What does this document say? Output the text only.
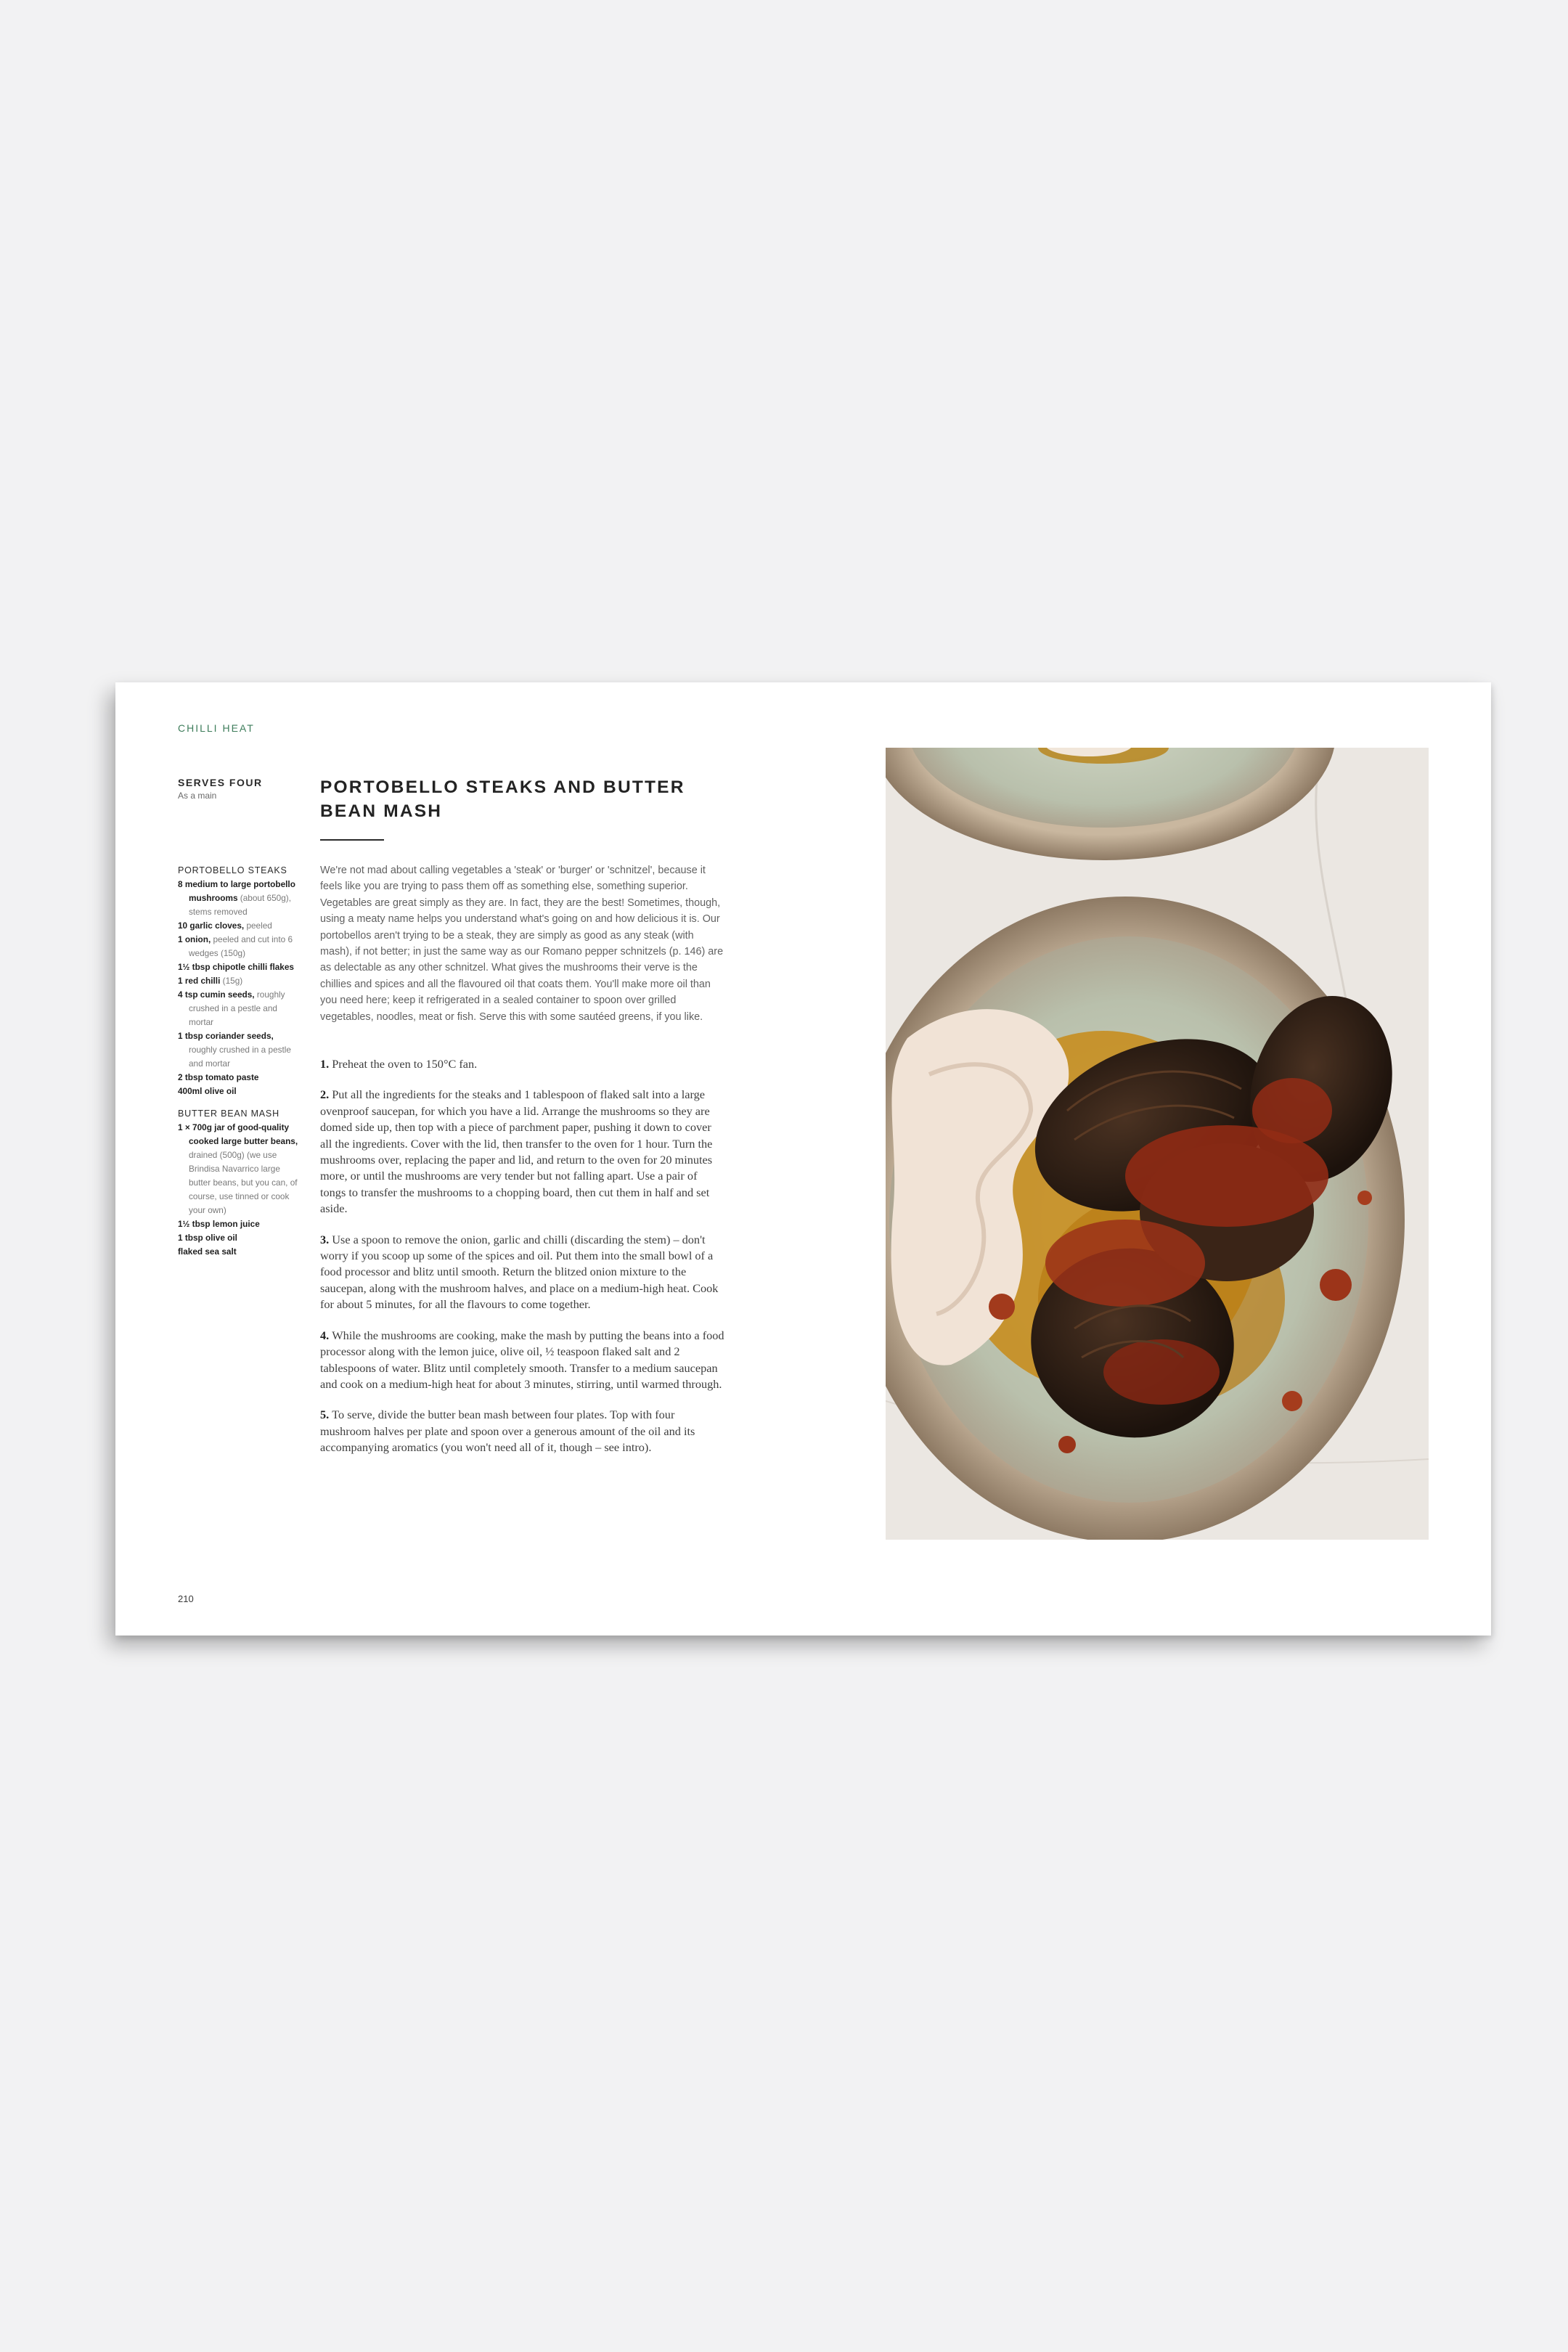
CHILLI HEAT
SERVES FOUR
As a main
PORTOBELLO STEAKS
8 medium to large portobello mushrooms (about 650g), stems removed
10 garlic cloves, peeled
1 onion, peeled and cut into 6 wedges (150g)
1½ tbsp chipotle chilli flakes
1 red chilli (15g)
4 tsp cumin seeds, roughly crushed in a pestle and mortar
1 tbsp coriander seeds, roughly crushed in a pestle and mortar
2 tbsp tomato paste
400ml olive oil
BUTTER BEAN MASH
1 × 700g jar of good-quality cooked large butter beans, drained (500g) (we use Brindisa Navarrico large butter beans, but you can, of course, use tinned or cook your own)
1½ tbsp lemon juice
1 tbsp olive oil
flaked sea salt
PORTOBELLO STEAKS AND BUTTER BEAN MASH

We're not mad about calling vegetables a 'steak' or 'burger' or 'schnitzel', because it feels like you are trying to pass them off as something else, something superior. Vegetables are great simply as they are. In fact, they are the best! Sometimes, though, using a meaty name helps you understand what's going on and how delicious it is. Our portobellos aren't trying to be a steak, they are simply as good as any steak (with mash), if not better; in just the same way as our Romano pepper schnitzels (p. 146) are as delectable as any other schnitzel. What gives the mushrooms their verve is the chillies and spices and all the flavoured oil that coats them. You'll make more oil than you need here; keep it refrigerated in a sealed container to spoon over grilled vegetables, noodles, meat or fish. Serve this with some sautéed greens, if you like.

1. Preheat the oven to 150°C fan.

2. Put all the ingredients for the steaks and 1 tablespoon of flaked salt into a large ovenproof saucepan, for which you have a lid. Arrange the mushrooms so they are domed side up, then top with a piece of parchment paper, pushing it down to cover all the ingredients. Cover with the lid, then transfer to the oven for 1 hour. Turn the mushrooms over, replacing the paper and lid, and return to the oven for 20 minutes more, or until the mushrooms are very tender but not falling apart. Use a pair of tongs to transfer the mushrooms to a chopping board, then cut them in half and set aside.

3. Use a spoon to remove the onion, garlic and chilli (discarding the stem) – don't worry if you scoop up some of the spices and oil. Put them into the small bowl of a food processor and blitz until smooth. Return the blitzed onion mixture to the saucepan, along with the mushroom halves, and place on a medium-high heat. Cook for about 5 minutes, for all the flavours to come together.

4. While the mushrooms are cooking, make the mash by putting the beans into a food processor along with the lemon juice, olive oil, ½ teaspoon flaked salt and 2 tablespoons of water. Blitz until completely smooth. Transfer to a medium saucepan and cook on a medium-high heat for about 3 minutes, stirring, until warmed through.

5. To serve, divide the butter bean mash between four plates. Top with four mushroom halves per plate and spoon over a generous amount of the oil and its accompanying aromatics (you won't need all of it, though – see intro).

210
